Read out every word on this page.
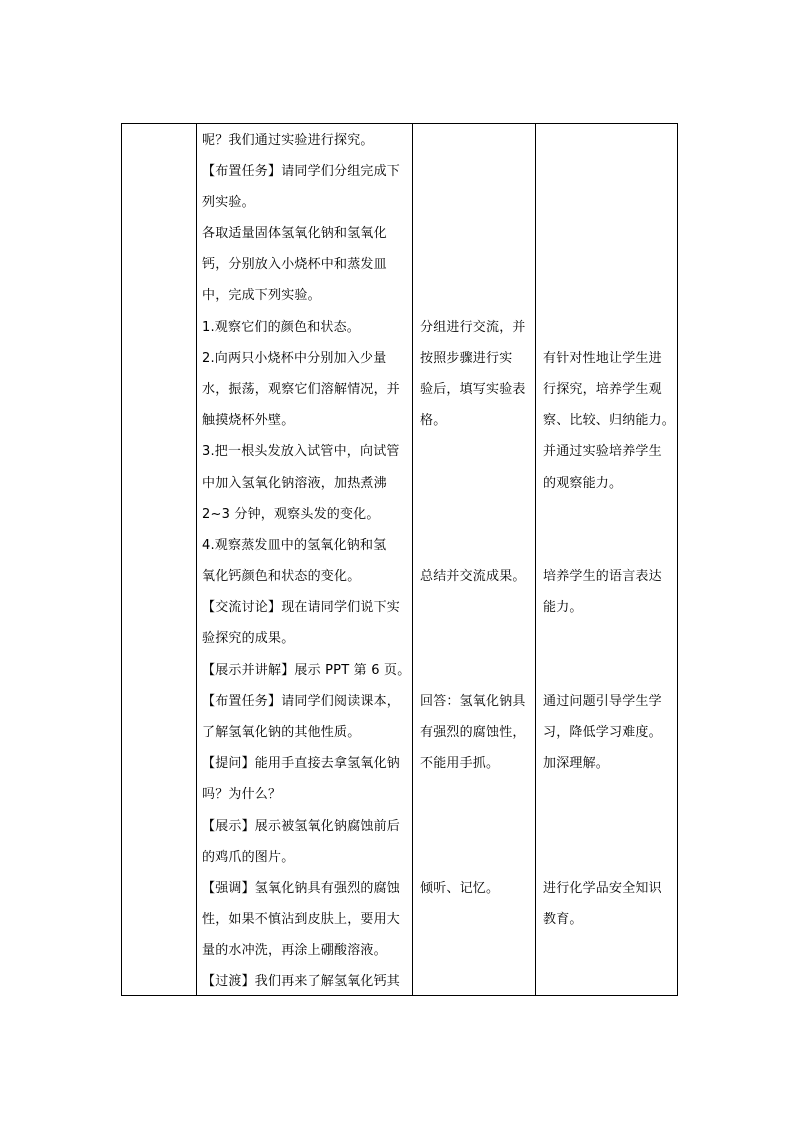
呢？我们通过实验进行探究。
【布置任务】请同学们分组完成下
列实验。
各取适量固体氢氧化钠和氢氧化
钙，分别放入小烧杯中和蒸发皿
中，完成下列实验。
1.观察它们的颜色和状态。
2.向两只小烧杯中分别加入少量
水，振荡，观察它们溶解情况，并
触摸烧杯外壁。
3.把一根头发放入试管中，向试管
中加入氢氧化钠溶液，加热煮沸
2~3 分钟，观察头发的变化。
4.观察蒸发皿中的氢氧化钠和氢
氧化钙颜色和状态的变化。
【交流讨论】现在请同学们说下实
验探究的成果。
【展示并讲解】展示 PPT 第 6 页。
【布置任务】请同学们阅读课本，
了解氢氧化钠的其他性质。
【提问】能用手直接去拿氢氧化钠
吗？为什么？
【展示】展示被氢氧化钠腐蚀前后
的鸡爪的图片。
【强调】氢氧化钠具有强烈的腐蚀
性，如果不慎沾到皮肤上，要用大
量的水冲洗，再涂上硼酸溶液。
【过渡】我们再来了解氢氧化钙其
分组进行交流，并
按照步骤进行实
验后，填写实验表
格。
总结并交流成果。
回答：氢氧化钠具
有强烈的腐蚀性，
不能用手抓。
倾听、记忆。
有针对性地让学生进
行探究，培养学生观
察、比较、归纳能力。
并通过实验培养学生
的观察能力。
培养学生的语言表达
能力。
通过问题引导学生学
习，降低学习难度。
加深理解。
进行化学品安全知识
教育。
